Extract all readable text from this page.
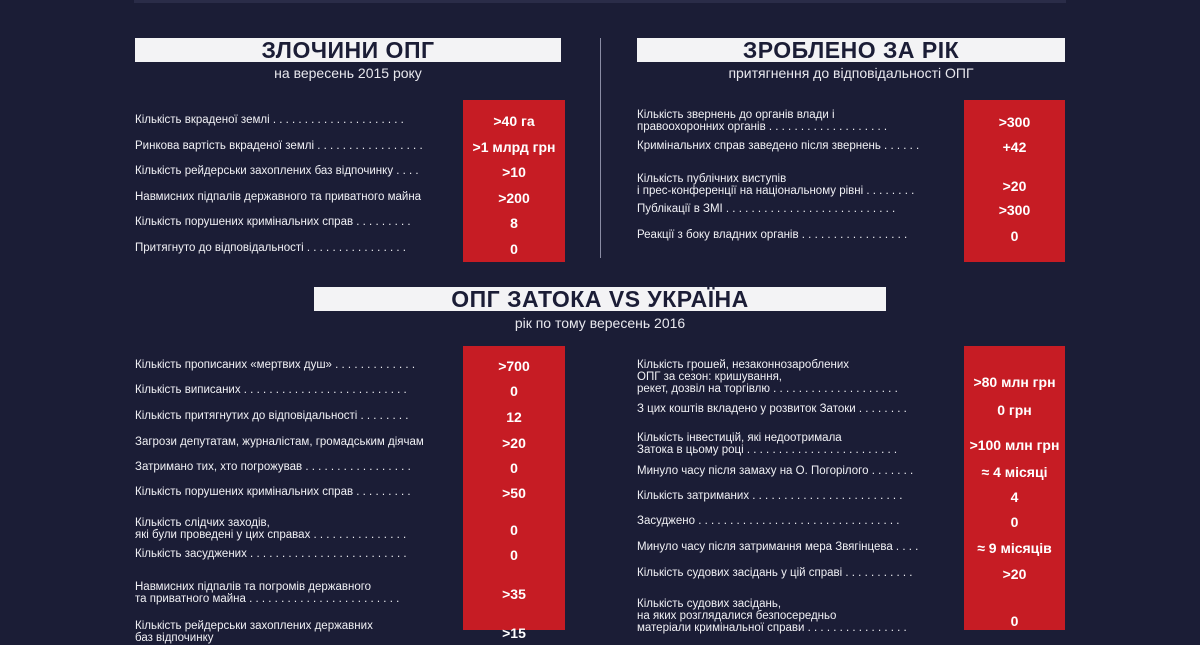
ЗЛОЧИНИ ОПГ
на вересень 2015 року
Кількість вкраденої землі . . . . . . . . . . . . . . . . . . . . .	>40 га
Ринкова вартість вкраденої землі . . . . . . . . . . . . . . . . .	>1 млрд грн
Кількість рейдерськи захоплених баз відпочинку . . . .	>10
Навмисних підпалів державного та приватного майна	>200
Кількість порушених кримінальних справ . . . . . . . . .	8
Притягнуто до відповідальності . . . . . . . . . . . . . . . .	0
ЗРОБЛЕНО ЗА РІК
притягнення до відповідальності ОПГ
Кількість звернень до органів влади і
правоохоронних органів . . . . . . . . . . . . . . . . . . .	>300
Кримінальних справ заведено після звернень . . . . . .	+42
Кількість публічних виступів
і прес-конференції на національному рівні . . . . . . . .	>20
Публікації в ЗМІ . . . . . . . . . . . . . . . . . . . . . . . . . . .	>300
Реакції з боку владних органів . . . . . . . . . . . . . . . . .	0
ОПГ ЗАТОКА VS УКРАЇНА
рік по тому вересень 2016
Кількість прописаних «мертвих душ» . . . . . . . . . . . . .	>700
Кількість виписаних . . . . . . . . . . . . . . . . . . . . . . . . . .	0
Кількість притягнутих до відповідальності . . . . . . . .	12
Загрози депутатам, журналістам, громадським діячам	>20
Затримано тих, хто погрожував . . . . . . . . . . . . . . . . .	0
Кількість порушених кримінальних справ . . . . . . . . .	>50
Кількість слідчих заходів,
які були проведені у цих справах . . . . . . . . . . . . . . .	0
Кількість засуджених . . . . . . . . . . . . . . . . . . . . . . . . .	0
Навмисних підпалів та погромів державного
та приватного майна . . . . . . . . . . . . . . . . . . . . . . . .	>35
Кількість рейдерськи захоплених державних
баз відпочинку	>15
Кількість грошей, незаконнозароблених
ОПГ за сезон: кришування,
рекет, дозвіл на торгівлю . . . . . . . . . . . . . . . . . . . .	>80 млн грн
З цих коштів вкладено у розвиток Затоки . . . . . . . .	0 грн
Кількість інвестицій, які недоотримала
Затока в цьому році . . . . . . . . . . . . . . . . . . . . . . . .	>100 млн грн
Минуло часу після замаху на О. Погорілого . . . . . . .	≈ 4 місяці
Кількість затриманих . . . . . . . . . . . . . . . . . . . . . . . .	4
Засуджено . . . . . . . . . . . . . . . . . . . . . . . . . . . . . . . .	0
Минуло часу після затримання мера Звягінцева . . . .	≈ 9 місяців
Кількість судових засідань у цій справі . . . . . . . . . . .	>20
Кількість судових засідань,
на яких розглядалися безпосередньо
матеріали кримінальної справи . . . . . . . . . . . . . . . .	0
